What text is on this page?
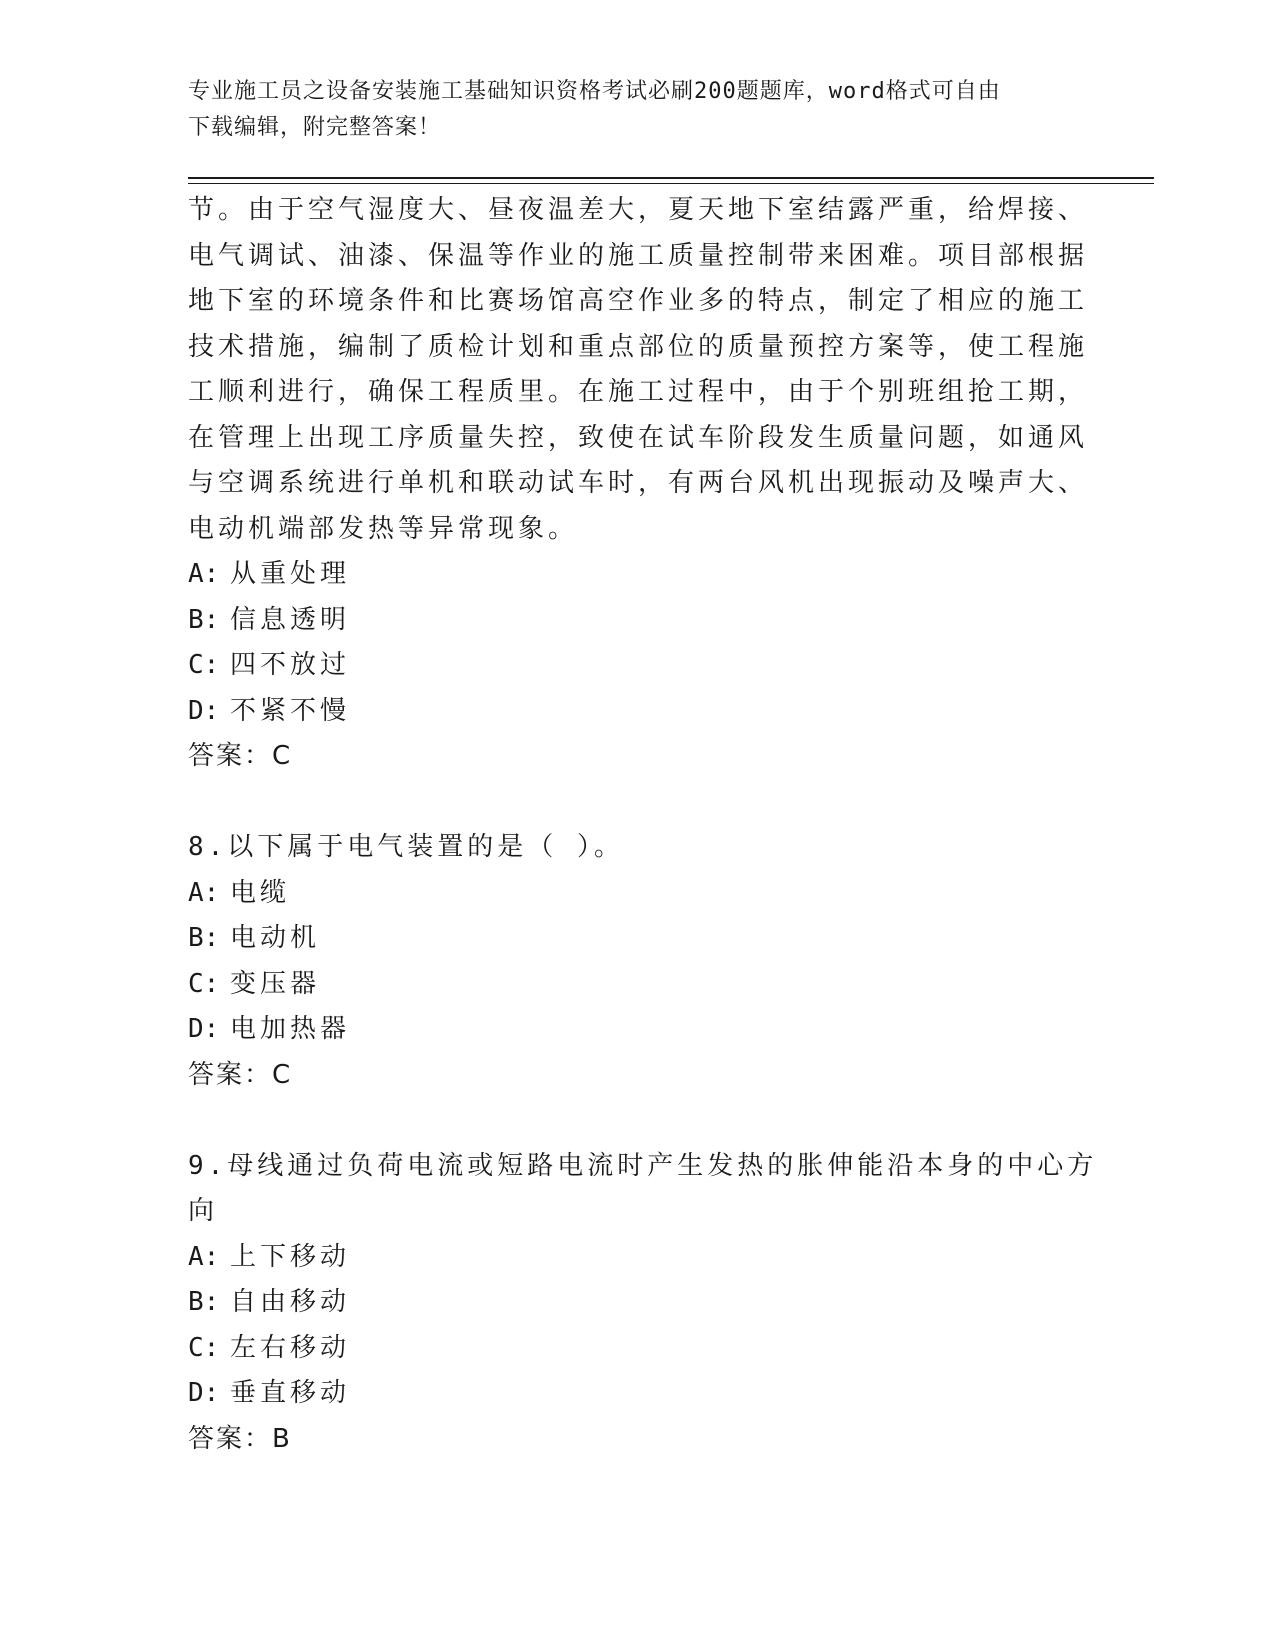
专业施工员之设备安装施工基础知识资格考试必刷200题题库，word格式可自由
下载编辑，附完整答案！
节。由于空气湿度大、昼夜温差大，夏天地下室结露严重，给焊接、
电气调试、油漆、保温等作业的施工质量控制带来困难。项目部根据
地下室的环境条件和比赛场馆高空作业多的特点，制定了相应的施工
技术措施，编制了质检计划和重点部位的质量预控方案等，使工程施
工顺利进行，确保工程质里。在施工过程中，由于个别班组抢工期，
在管理上出现工序质量失控，致使在试车阶段发生质量问题，如通风
与空调系统进行单机和联动试车时，有两台风机出现振动及噪声大、
电动机端部发热等异常现象。
A: 从重处理
B: 信息透明
C: 四不放过
D: 不紧不慢
答案：C
8.以下属于电气装置的是（ ）。
A: 电缆
B: 电动机
C: 变压器
D: 电加热器
答案：C
9.母线通过负荷电流或短路电流时产生发热的胀伸能沿本身的中心方
向
A: 上下移动
B: 自由移动
C: 左右移动
D: 垂直移动
答案：B
